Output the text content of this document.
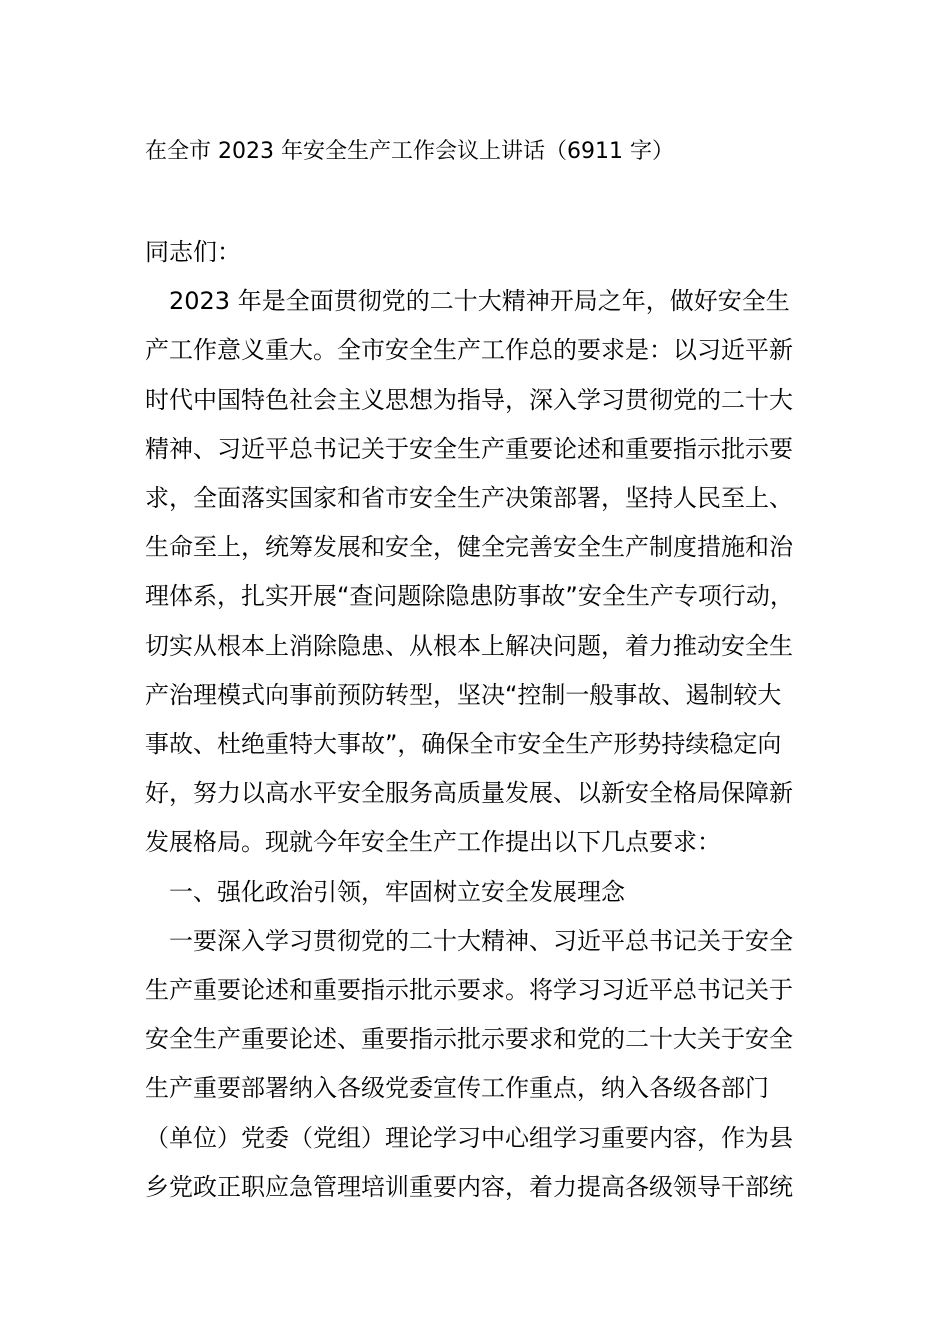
在全市 2023 年安全生产工作会议上讲话（6911 字）
同志们：
　2023 年是全面贯彻党的二十大精神开局之年，做好安全生
产工作意义重大。全市安全生产工作总的要求是：以习近平新
时代中国特色社会主义思想为指导，深入学习贯彻党的二十大
精神、习近平总书记关于安全生产重要论述和重要指示批示要
求，全面落实国家和省市安全生产决策部署，坚持人民至上、
生命至上，统筹发展和安全，健全完善安全生产制度措施和治
理体系，扎实开展“查问题除隐患防事故”安全生产专项行动，
切实从根本上消除隐患、从根本上解决问题，着力推动安全生
产治理模式向事前预防转型，坚决“控制一般事故、遏制较大
事故、杜绝重特大事故”，确保全市安全生产形势持续稳定向
好，努力以高水平安全服务高质量发展、以新安全格局保障新
发展格局。现就今年安全生产工作提出以下几点要求：
　一、强化政治引领，牢固树立安全发展理念
　一要深入学习贯彻党的二十大精神、习近平总书记关于安全
生产重要论述和重要指示批示要求。将学习习近平总书记关于
安全生产重要论述、重要指示批示要求和党的二十大关于安全
生产重要部署纳入各级党委宣传工作重点，纳入各级各部门
（单位）党委（党组）理论学习中心组学习重要内容，作为县
乡党政正职应急管理培训重要内容，着力提高各级领导干部统
